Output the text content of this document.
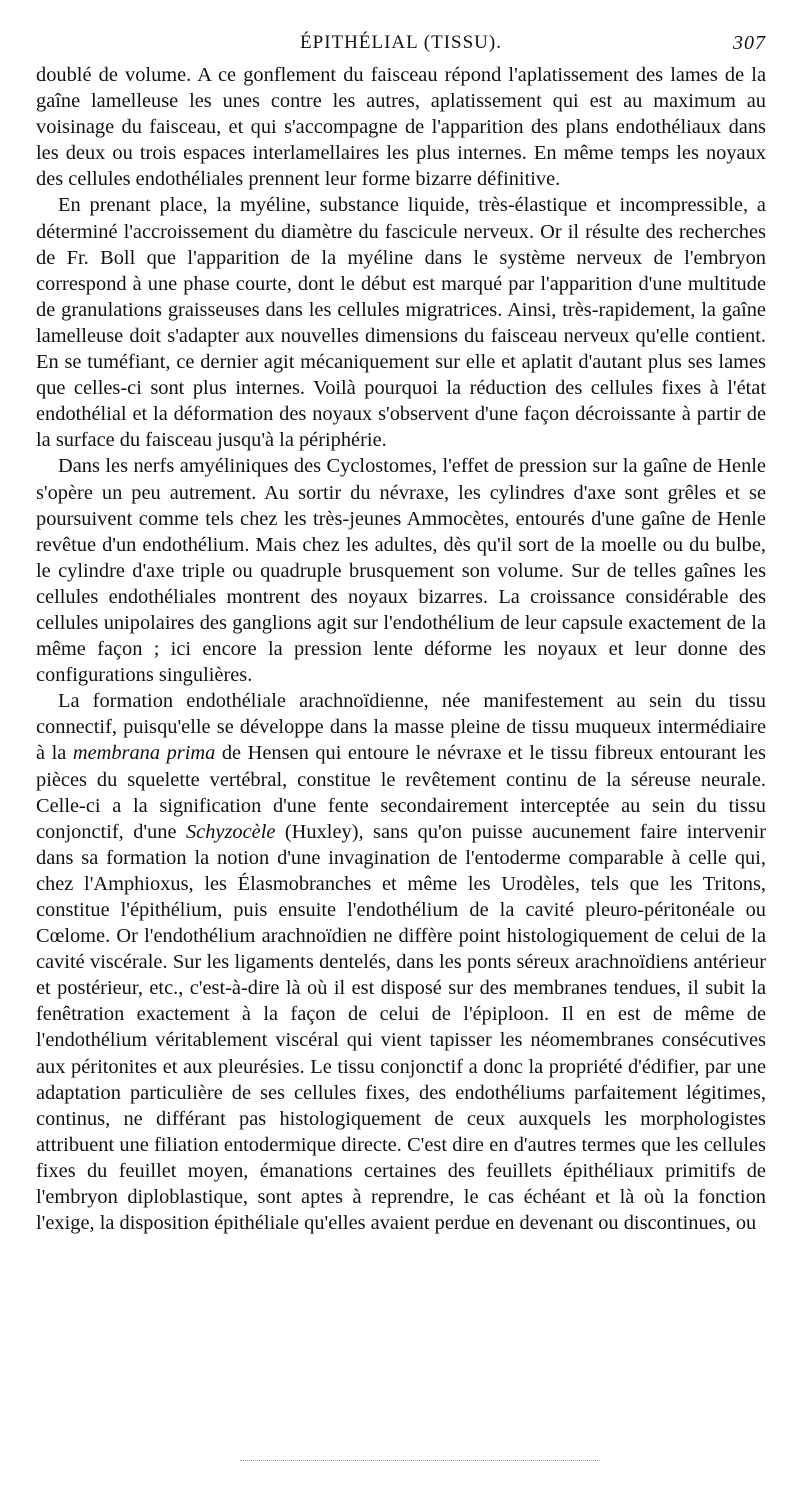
ÉPITHÉLIAL (TISSU).	307

doublé de volume. A ce gonflement du faisceau répond l'aplatissement des lames de la gaîne lamelleuse les unes contre les autres, aplatissement qui est au maximum au voisinage du faisceau, et qui s'accompagne de l'apparition des plans endothéliaux dans les deux ou trois espaces interlamellaires les plus internes. En même temps les noyaux des cellules endothéliales prennent leur forme bizarre définitive.

En prenant place, la myéline, substance liquide, très-élastique et incompressible, a déterminé l'accroissement du diamètre du fascicule nerveux. Or il résulte des recherches de Fr. Boll que l'apparition de la myéline dans le système nerveux de l'embryon correspond à une phase courte, dont le début est marqué par l'apparition d'une multitude de granulations graisseuses dans les cellules migratrices. Ainsi, très-rapidement, la gaîne lamelleuse doit s'adapter aux nouvelles dimensions du faisceau nerveux qu'elle contient. En se tuméfiant, ce dernier agit mécaniquement sur elle et aplatit d'autant plus ses lames que celles-ci sont plus internes. Voilà pourquoi la réduction des cellules fixes à l'état endothélial et la déformation des noyaux s'observent d'une façon décroissante à partir de la surface du faisceau jusqu'à la périphérie.

Dans les nerfs amyéliniques des Cyclostomes, l'effet de pression sur la gaîne de Henle s'opère un peu autrement. Au sortir du névraxe, les cylindres d'axe sont grêles et se poursuivent comme tels chez les très-jeunes Ammocètes, entourés d'une gaîne de Henle revêtue d'un endothélium. Mais chez les adultes, dès qu'il sort de la moelle ou du bulbe, le cylindre d'axe triple ou quadruple brusquement son volume. Sur de telles gaînes les cellules endothéliales montrent des noyaux bizarres. La croissance considérable des cellules unipolaires des ganglions agit sur l'endothélium de leur capsule exactement de la même façon ; ici encore la pression lente déforme les noyaux et leur donne des configurations singulières.

La formation endothéliale arachnoïdienne, née manifestement au sein du tissu connectif, puisqu'elle se développe dans la masse pleine de tissu muqueux intermédiaire à la membrana prima de Hensen qui entoure le névraxe et le tissu fibreux entourant les pièces du squelette vertébral, constitue le revêtement continu de la séreuse neurale. Celle-ci a la signification d'une fente secondairement interceptée au sein du tissu conjonctif, d'une Schyzocèle (Huxley), sans qu'on puisse aucunement faire intervenir dans sa formation la notion d'une invagination de l'entoderme comparable à celle qui, chez l'Amphioxus, les Élasmobranches et même les Urodèles, tels que les Tritons, constitue l'épithélium, puis ensuite l'endothélium de la cavité pleuro-péritonéale ou Cœlome. Or l'endothélium arachnoïdien ne diffère point histologiquement de celui de la cavité viscérale. Sur les ligaments dentelés, dans les ponts séreux arachnoïdiens antérieur et postérieur, etc., c'est-à-dire là où il est disposé sur des membranes tendues, il subit la fenêtration exactement à la façon de celui de l'épiploon. Il en est de même de l'endothélium véritablement viscéral qui vient tapisser les néomembranes consécutives aux péritonites et aux pleurésies. Le tissu conjonctif a donc la propriété d'édifier, par une adaptation particulière de ses cellules fixes, des endothéliums parfaitement légitimes, continus, ne différant pas histologiquement de ceux auxquels les morphologistes attribuent une filiation entodermique directe. C'est dire en d'autres termes que les cellules fixes du feuillet moyen, émanations certaines des feuillets épithéliaux primitifs de l'embryon diploblastique, sont aptes à reprendre, le cas échéant et là où la fonction l'exige, la disposition épithéliale qu'elles avaient perdue en devenant ou discontinues, ou
